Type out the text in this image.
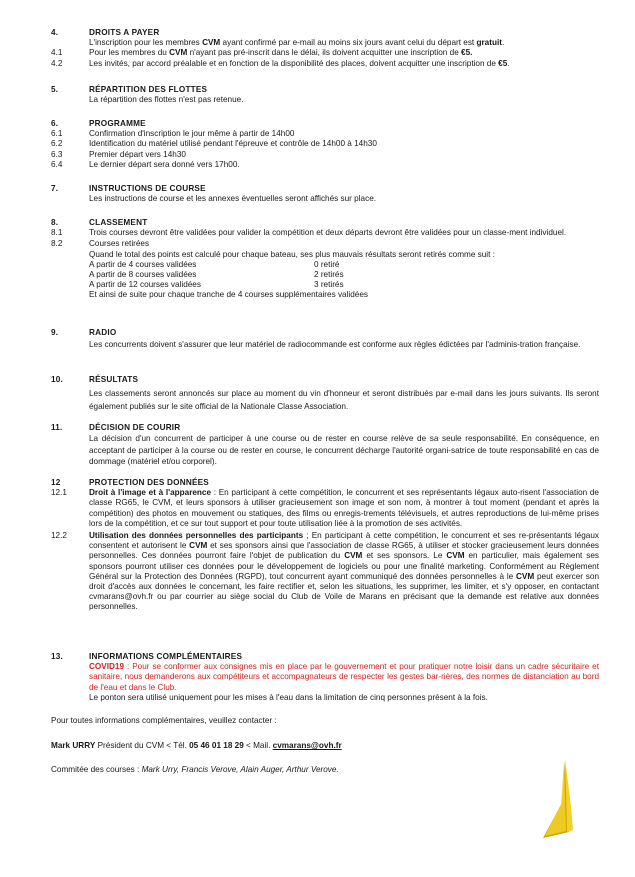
4.	DROITS A PAYER
L'inscription pour les membres CVM ayant confirmé par e-mail au moins six jours avant celui du départ est gratuit.
4.1	Pour les membres du CVM n'ayant pas pré-inscrit dans le délai, ils doivent acquitter une inscription de €5.
4.2	Les invités, par accord préalable et en fonction de la disponibilité des places, doivent acquitter une inscription de €5.
5.	RÉPARTITION DES FLOTTES
La répartition des flottes n'est pas retenue.
6.	PROGRAMME
6.1	Confirmation d'inscription le jour même à partir de 14h00
6.2	Identification du matériel utilisé pendant l'épreuve et contrôle de 14h00 à 14h30
6.3	Premier départ vers 14h30
6.4	Le dernier départ sera donné vers 17h00.
7.	INSTRUCTIONS DE COURSE
Les instructions de course et les annexes éventuelles seront affichés sur place.
8.	CLASSEMENT
8.1	Trois courses devront être validées pour valider la compétition et deux départs devront être validées pour un classe-ment individuel.
8.2	Courses retirées
Quand le total des points est calculé pour chaque bateau, ses plus mauvais résultats seront retirés comme suit :
A partir de 4 courses validées	0 retiré
A partir de 8 courses validées	2 retirés
A partir de 12 courses validées	3 retirés
Et ainsi de suite pour chaque tranche de 4 courses supplémentaires validées
9.	RADIO
Les concurrents doivent s'assurer que leur matériel de radiocommande est conforme aux règles édictées par l'adminis-tration française.
10.	RÉSULTATS
Les classements seront annoncés sur place au moment du vin d'honneur et seront distribués par e-mail dans les jours suivants. Ils seront également publiés sur le site official de la Nationale Classe Association.
11.	DÉCISION DE COURIR
La décision d'un concurrent de participer à une course ou de rester en course relève de sa seule responsabilité. En conséquence, en acceptant de participer à la course ou de rester en course, le concurrent décharge l'autorité organi-satrice de toute responsabilité en cas de dommage (matériel et/ou corporel).
12	PROTECTION DES DONNÉES
12.1	Droit à l'image et à l'apparence : En participant à cette compétition, le concurrent et ses représentants légaux auto-risent l'association de classe RG65, le CVM, et leurs sponsors à utiliser gracieusement son image et son nom, à montrer à tout moment (pendant et après la compétition) des photos en mouvement ou statiques, des films ou enregis-trements télévisuels, et autres reproductions de lui-même prises lors de la compétition, et ce sur tout support et pour toute utilisation liée à la promotion de ses activités.
12.2	Utilisation des données personnelles des participants ; En participant à cette compétition, le concurrent et ses re-présentants légaux consentent et autorisent le CVM et ses sponsors ainsi que l'association de classe RG65, à utiliser et stocker gracieusement leurs données personnelles. Ces données pourront faire l'objet de publication du CVM et ses sponsors. Le CVM en particulier, mais également ses sponsors pourront utiliser ces données pour le développement de logiciels ou pour une finalité marketing. Conformément au Règlement Général sur la Protection des Données (RGPD), tout concurrent ayant communiqué des données personnelles à le CVM peut exercer son droit d'accès aux données le concernant, les faire rectifier et, selon les situations, les supprimer, les limiter, et s'y opposer, en contactant cvmarans@ovh.fr ou par courrier au siège social du Club de Voile de Marans en précisant que la demande est relative aux données personnelles.
13.	INFORMATIONS COMPLÉMENTAIRES
COVID19 : Pour se conformer aux consignes mis en place par le gouvernement et pour pratiquer notre loisir dans un cadre sécuritaire et sanitaire, nous demanderons aux compétiteurs et accompagnateurs de respecter les gestes bar-rières, des normes de distanciation au bord de l'eau et dans le Club.
Le ponton sera utilisé uniquement pour les mises à l'eau dans la limitation de cinq personnes présent à la fois.
Pour toutes informations complémentaires, veuillez contacter :
Mark URRY Président du CVM < Tél. 05 46 01 18 29 < Mail. cvmarans@ovh.fr
Commitée des courses : Mark Urry, Francis Verove, Alain Auger, Arthur Verove.
